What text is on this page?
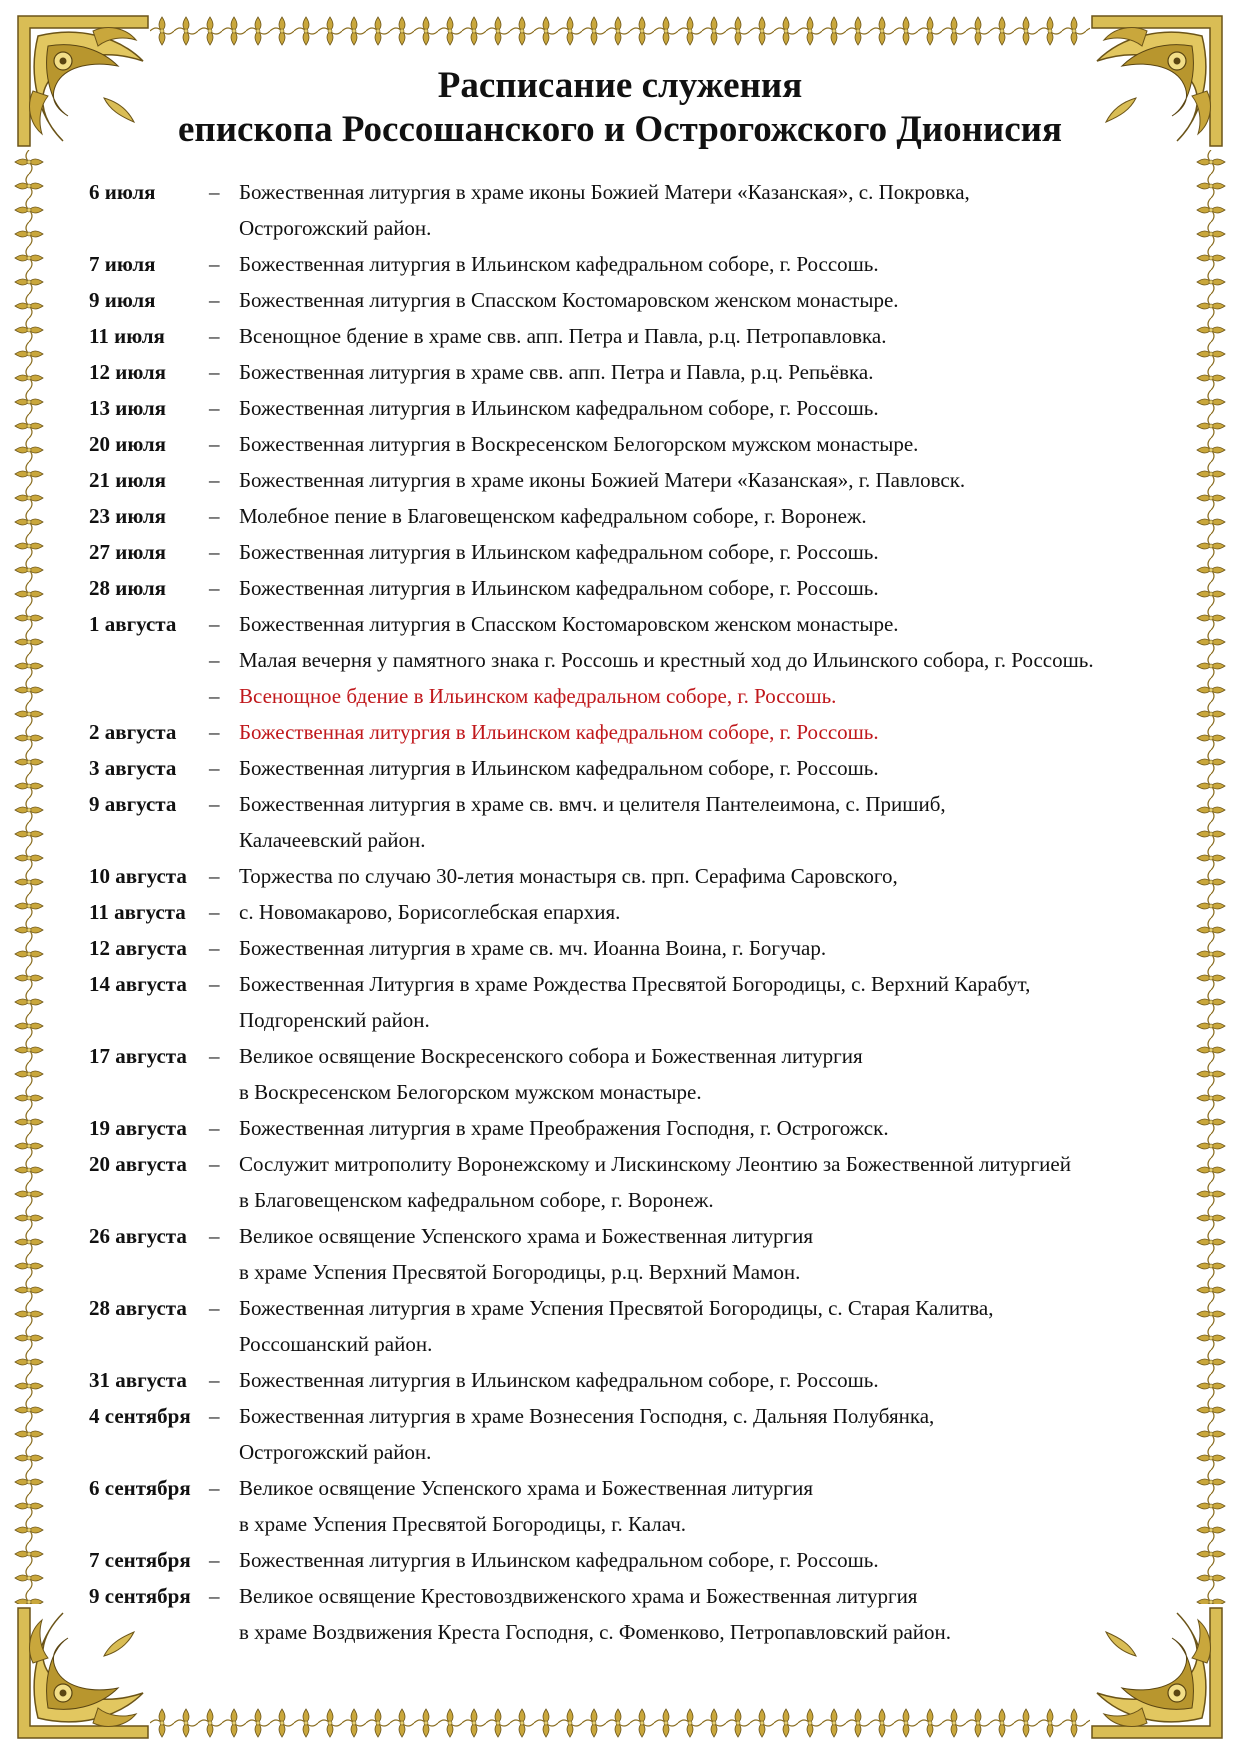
Расписание служения
епископа Россошанского и Острогожского Дионисия
6 июля	– Божественная литургия в храме иконы Божией Матери «Казанская», с. Покровка,
Острогожский район.
7 июля	– Божественная литургия в Ильинском кафедральном соборе, г. Россошь.
9 июля	– Божественная литургия в Спасском Костомаровском женском монастыре.
11 июля	– Всенощное бдение в храме свв. апп. Петра и Павла, р.ц. Петропавловка.
12 июля	– Божественная литургия в храме свв. апп. Петра и Павла, р.ц. Репьёвка.
13 июля	– Божественная литургия в Ильинском кафедральном соборе, г. Россошь.
20 июля	– Божественная литургия в Воскресенском Белогорском мужском монастыре.
21 июля	– Божественная литургия в храме иконы Божией Матери «Казанская», г. Павловск.
23 июля	– Молебное пение в Благовещенском кафедральном соборе, г. Воронеж.
27 июля	– Божественная литургия в Ильинском кафедральном соборе, г. Россошь.
28 июля	– Божественная литургия в Ильинском кафедральном соборе, г. Россошь.
1 августа	– Божественная литургия в Спасском Костомаровском женском монастыре.
– Малая вечерня у памятного знака г. Россошь и крестный ход до Ильинского собора, г. Россошь.
– Всенощное бдение в Ильинском кафедральном соборе, г. Россошь.
2 августа	– Божественная литургия в Ильинском кафедральном соборе, г. Россошь.
3 августа	– Божественная литургия в Ильинском кафедральном соборе, г. Россошь.
9 августа	– Божественная литургия в храме св. вмч. и целителя Пантелеимона, с. Пришиб,
Калачеевский район.
10 августа	– Торжества по случаю 30-летия монастыря св. прп. Серафима Саровского,
11 августа	– с. Новомакарово, Борисоглебская епархия.
12 августа	– Божественная литургия в храме св. мч. Иоанна Воина, г. Богучар.
14 августа	– Божественная Литургия в храме Рождества Пресвятой Богородицы, с. Верхний Карабут,
Подгоренский район.
17 августа	– Великое освящение Воскресенского собора и Божественная литургия
в Воскресенском Белогорском мужском монастыре.
19 августа	– Божественная литургия в храме Преображения Господня, г. Острогожск.
20 августа	– Сослужит митрополиту Воронежскому и Лискинскому Леонтию за Божественной литургией
в Благовещенском кафедральном соборе, г. Воронеж.
26 августа	– Великое освящение Успенского храма и Божественная литургия
в храме Успения Пресвятой Богородицы, р.ц. Верхний Мамон.
28 августа	– Божественная литургия в храме Успения Пресвятой Богородицы, с. Старая Калитва,
Россошанский район.
31 августа	– Божественная литургия в Ильинском кафедральном соборе, г. Россошь.
4 сентября – Божественная литургия в храме Вознесения Господня, с. Дальняя Полубянка,
Острогожский район.
6 сентября – Великое освящение Успенского храма и Божественная литургия
в храме Успения Пресвятой Богородицы, г. Калач.
7 сентября – Божественная литургия в Ильинском кафедральном соборе, г. Россошь.
9 сентября – Великое освящение Крестовоздвиженского храма и Божественная литургия
в храме Воздвижения Креста Господня, с. Фоменково, Петропавловский район.
